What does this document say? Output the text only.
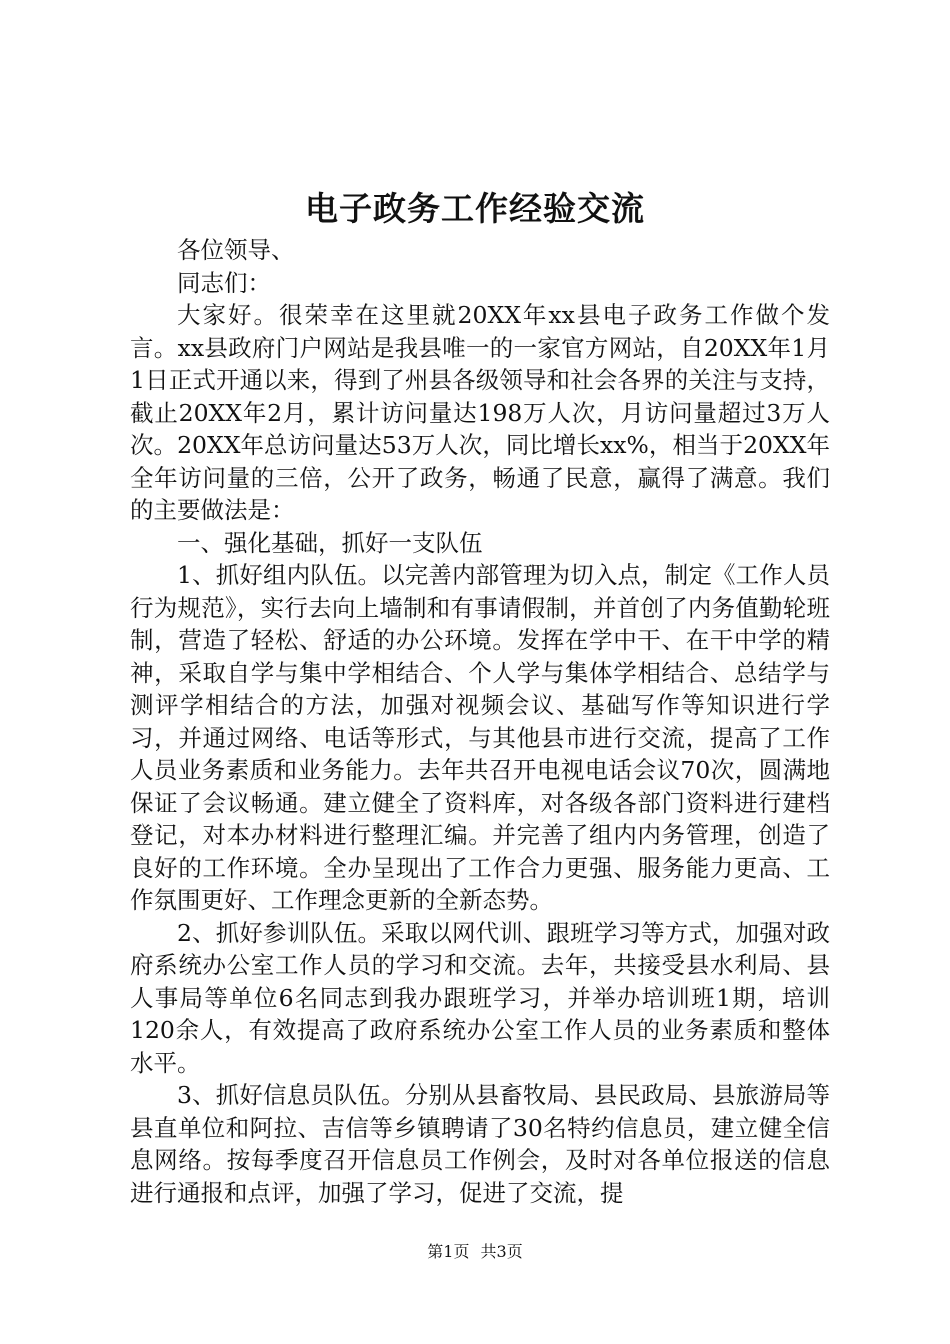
电子政务工作经验交流

各位领导、

同志们：

大家好。很荣幸在这里就20XX年xx县电子政务工作做个发言。xx县政府门户网站是我县唯一的一家官方网站，自20XX年1月1日正式开通以来，得到了州县各级领导和社会各界的关注与支持，截止20XX年2月，累计访问量达198万人次，月访问量超过3万人次。20XX年总访问量达53万人次，同比增长xx%，相当于20XX年全年访问量的三倍，公开了政务，畅通了民意，赢得了满意。我们的主要做法是：

一、强化基础，抓好一支队伍

1、抓好组内队伍。以完善内部管理为切入点，制定《工作人员行为规范》，实行去向上墙制和有事请假制，并首创了内务值勤轮班制，营造了轻松、舒适的办公环境。发挥在学中干、在干中学的精神，采取自学与集中学相结合、个人学与集体学相结合、总结学与测评学相结合的方法，加强对视频会议、基础写作等知识进行学习，并通过网络、电话等形式，与其他县市进行交流，提高了工作人员业务素质和业务能力。去年共召开电视电话会议70次，圆满地保证了会议畅通。建立健全了资料库，对各级各部门资料进行建档登记，对本办材料进行整理汇编。并完善了组内内务管理，创造了良好的工作环境。全办呈现出了工作合力更强、服务能力更高、工作氛围更好、工作理念更新的全新态势。

2、抓好参训队伍。采取以网代训、跟班学习等方式，加强对政府系统办公室工作人员的学习和交流。去年，共接受县水利局、县人事局等单位6名同志到我办跟班学习，并举办培训班1期，培训120余人，有效提高了政府系统办公室工作人员的业务素质和整体水平。

3、抓好信息员队伍。分别从县畜牧局、县民政局、县旅游局等县直单位和阿拉、吉信等乡镇聘请了30名特约信息员，建立健全信息网络。按每季度召开信息员工作例会，及时对各单位报送的信息进行通报和点评，加强了学习，促进了交流，提

第1页 共3页
